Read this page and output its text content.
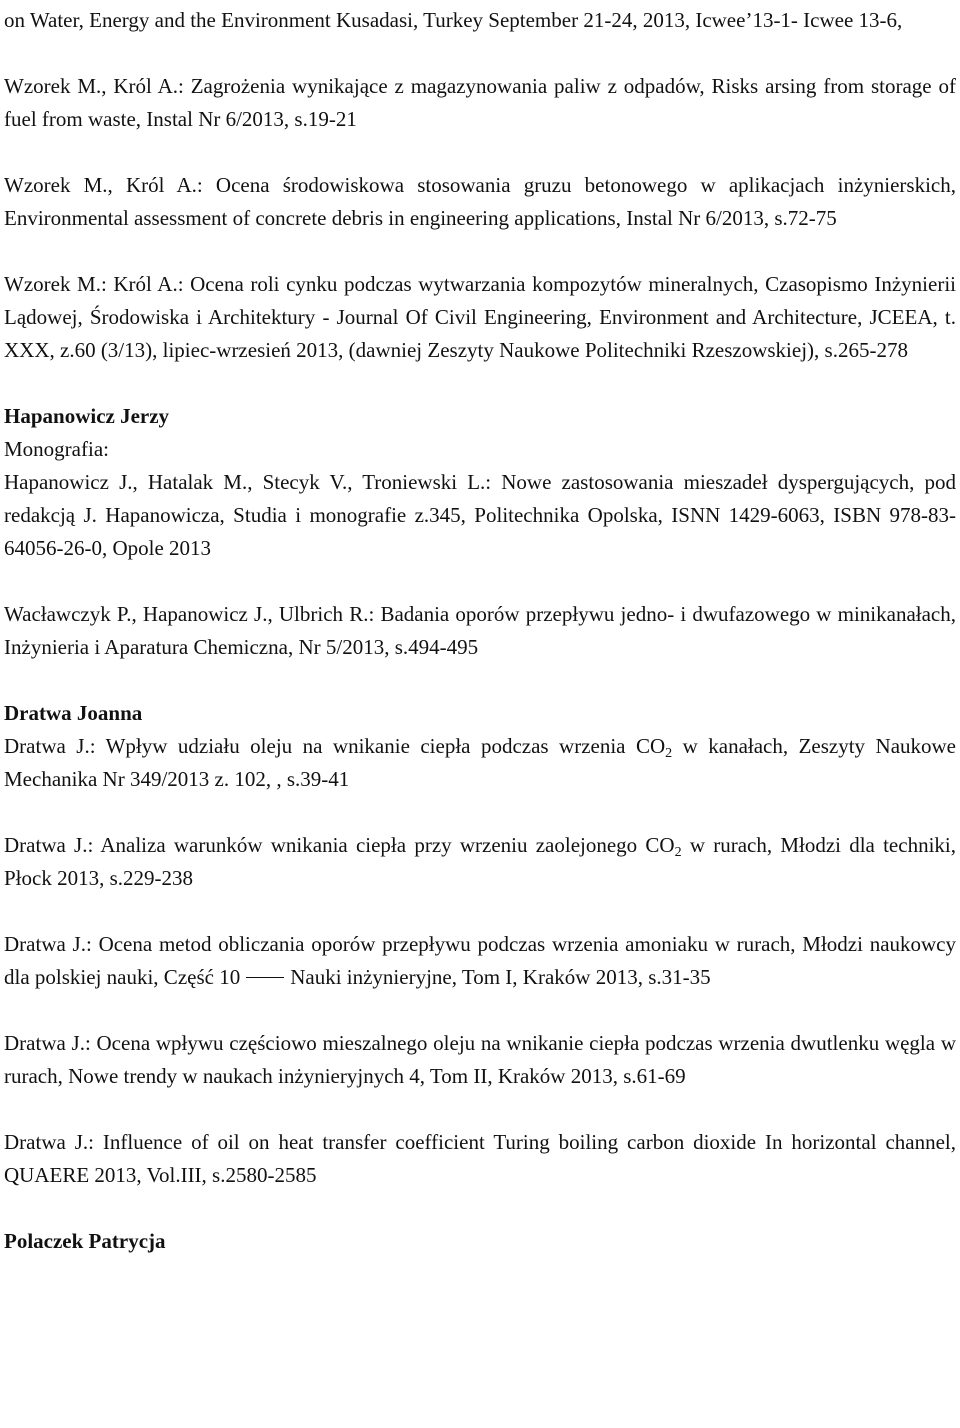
on Water, Energy and the Environment Kusadasi, Turkey September 21-24, 2013, Icwee’13-1- Icwee 13-6,

Wzorek M., Król A.: Zagrożenia wynikające z magazynowania paliw z odpadów, Risks arsing from storage of fuel from waste, Instal Nr 6/2013, s.19-21

Wzorek M., Król A.: Ocena środowiskowa stosowania gruzu betonowego w aplikacjach inżynierskich, Environmental assessment of concrete debris in engineering applications, Instal Nr 6/2013, s.72-75

Wzorek M.: Król A.: Ocena roli cynku podczas wytwarzania kompozytów mineralnych, Czasopismo Inżynierii Lądowej, Środowiska i Architektury - Journal Of Civil Engineering, Environment and Architecture, JCEEA, t. XXX, z.60 (3/13), lipiec-wrzesień 2013, (dawniej Zeszyty Naukowe Politechniki Rzeszowskiej), s.265-278

Hapanowicz Jerzy

Monografia:

Hapanowicz J., Hatalak M., Stecyk V., Troniewski L.: Nowe zastosowania mieszadeł dyspergujących, pod redakcją J. Hapanowicza, Studia i monografie z.345, Politechnika Opolska, ISNN 1429-6063, ISBN 978-83-64056-26-0, Opole 2013

Wacławczyk P., Hapanowicz J., Ulbrich R.: Badania oporów przepływu jedno- i dwufazowego w minikanałach, Inżynieria i Aparatura Chemiczna, Nr 5/2013, s.494-495

Dratwa Joanna

Dratwa J.: Wpływ udziału oleju na wnikanie ciepła podczas wrzenia $CO_2$ w kanałach, Zeszyty Naukowe Mechanika Nr 349/2013 z. 102, , s.39-41

Dratwa J.: Analiza warunków wnikania ciepła przy wrzeniu zaolejonego $CO_2$ w rurach, Młodzi dla techniki, Płock 2013, s.229-238

Dratwa J.: Ocena metod obliczania oporów przepływu podczas wrzenia amoniaku w rurach, Młodzi naukowcy dla polskiej nauki, Część 10 Nauki inżynieryjne, Tom I, Kraków 2013, s.31-35

Dratwa J.: Ocena wpływu częściowo mieszalnego oleju na wnikanie ciepła podczas wrzenia dwutlenku węgla w rurach, Nowe trendy w naukach inżynieryjnych 4, Tom II, Kraków 2013, s.61-69

Dratwa J.: Influence of oil on heat transfer coefficient Turing boiling carbon dioxide In horizontal channel, QUAERE 2013, Vol.III, s.2580-2585

Polaczek Patrycja
